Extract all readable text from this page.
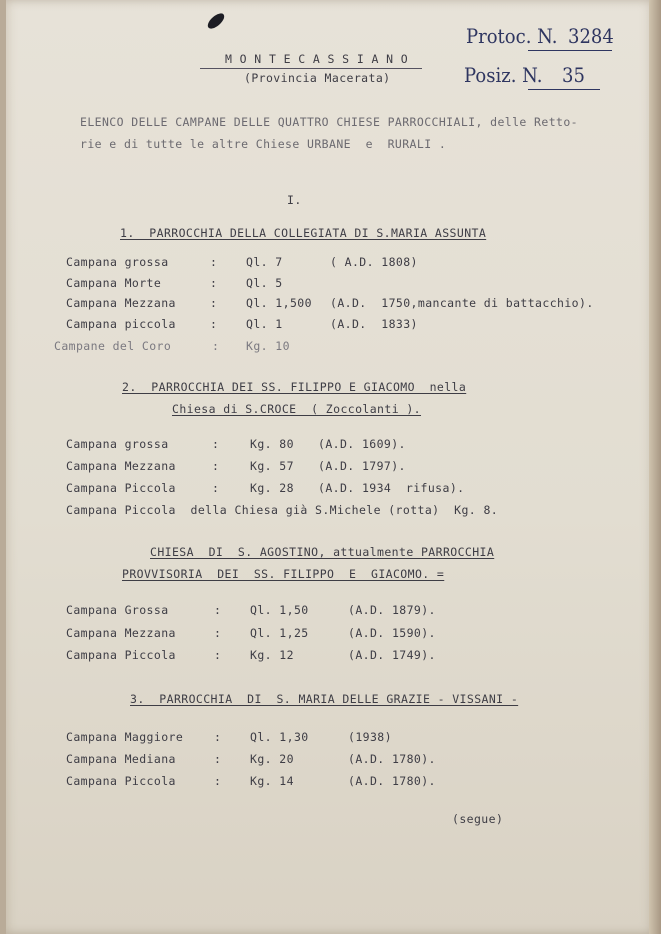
Protoc. N. 3284
Posiz. N. 35
M O N T E C A S S I A N O
(Provincia Macerata)
ELENCO DELLE CAMPANE DELLE QUATTRO CHIESE PARROCCHIALI, delle Retto-
rie e di tutte le altre Chiese URBANE  e  RURALI .
I.
1.  PARROCCHIA DELLA COLLEGIATA DI S.MARIA ASSUNTA
Campana grossa	: Ql. 7	( A.D. 1808)
Campana Morte	: Ql. 5
Campana Mezzana	: Ql. 1,500 (A.D.  1750,mancante di battacchio).
Campana piccola	: Ql. 1	(A.D.  1833)
Campane del Coro	: Kg. 10
2.  PARROCCHIA DEI SS. FILIPPO E GIACOMO  nella
Chiesa di S.CROCE  ( Zoccolanti ).
Campana grossa	:	Kg. 80 (A.D. 1609).
Campana Mezzana	:	Kg. 57 (A.D. 1797).
Campana Piccola	:	Kg. 28 (A.D. 1934  rifusa).
Campana Piccola  della Chiesa già S.Michele (rotta)  Kg. 8.
CHIESA  DI  S. AGOSTINO, attualmente PARROCCHIA
PROVVISORIA  DEI  SS. FILIPPO  E  GIACOMO. =
Campana Grossa	: Ql. 1,50	(A.D. 1879).
Campana Mezzana	: Ql. 1,25	(A.D. 1590).
Campana Piccola	: Kg. 12	(A.D. 1749).
3.  PARROCCHIA  DI  S. MARIA DELLE GRAZIE - VISSANI -
Campana Maggiore	: Ql. 1,30	(1938)
Campana Mediana	: Kg. 20	(A.D. 1780).
Campana Piccola	: Kg. 14	(A.D. 1780).
(segue)
